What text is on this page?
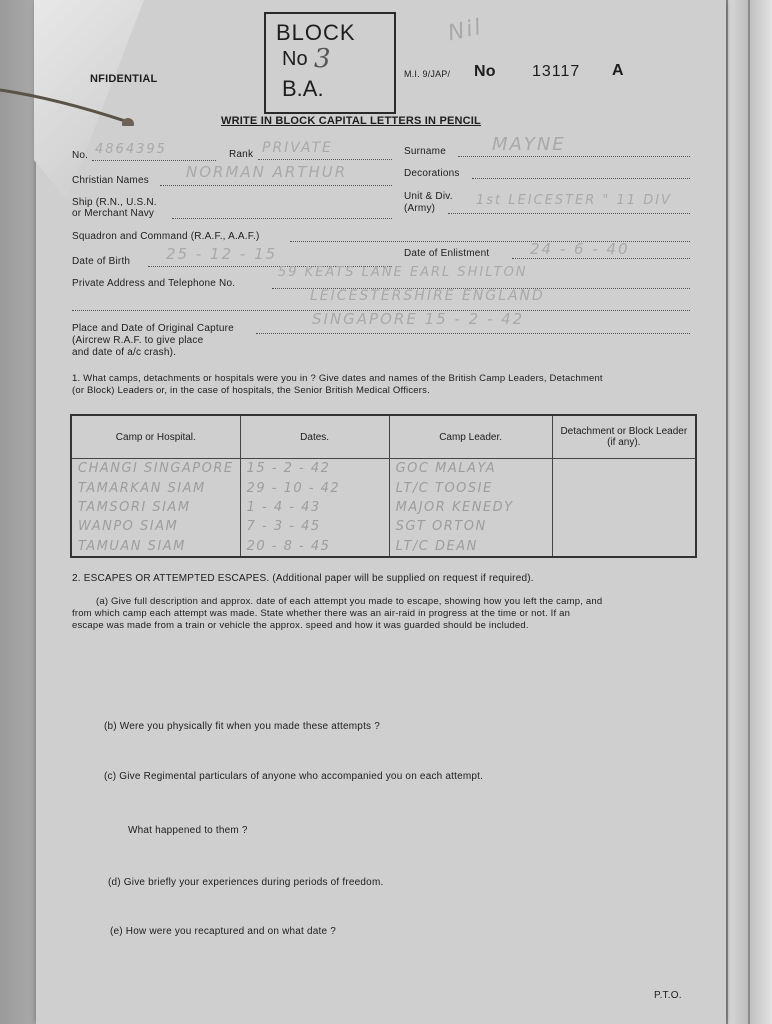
NFIDENTIAL
BLOCK
No 3
B.A.
Nil
M.I. 9/JAP/ No 13117 A
WRITE IN BLOCK CAPITAL LETTERS IN PENCIL
No. 4864395	Rank PRIVATE	Surname	MAYNE
Christian Names NORMAN ARTHUR	Decorations
Ship (R.N., U.S.N.
or Merchant Navy
Unit & Div.
(Army)
1st LEICESTER " 11 DIV
Squadron and Command (R.A.F., A.A.F.)
Date of Birth 25 - 12 - 15	Date of Enlistment	24 - 6 - 40
Private Address and Telephone No.
59 KEATS LANE EARL SHILTON
LEICESTERSHIRE ENGLAND
Place and Date of Original Capture
(Aircrew R.A.F. to give place
and date of a/c crash).
SINGAPORE 15 - 2 - 42
1. What camps, detachments or hospitals were you in ? Give dates and names of the British Camp Leaders, Detachment
(or Block) Leaders or, in the case of hospitals, the Senior British Medical Officers.
Camp or Hospital.	Dates.	Camp Leader.	Detachment or Block Leader (if any).
CHANGI SINGAPORE	15 - 2 - 42	GOC MALAYA	
TAMARKAN SIAM	29 - 10 - 42	LT/C TOOSIE	
TAMSORI SIAM	1 - 4 - 43	MAJOR KENEDY	
WANPO SIAM	7 - 3 - 45	SGT ORTON	
TAMUAN SIAM	20 - 8 - 45	LT/C DEAN	
2. ESCAPES OR ATTEMPTED ESCAPES. (Additional paper will be supplied on request if required).
(a) Give full description and approx. date of each attempt you made to escape, showing how you left the camp, and
from which camp each attempt was made. State whether there was an air-raid in progress at the time or not. If an
escape was made from a train or vehicle the approx. speed and how it was guarded should be included.
(b) Were you physically fit when you made these attempts ?
(c) Give Regimental particulars of anyone who accompanied you on each attempt.
What happened to them ?
(d) Give briefly your experiences during periods of freedom.
(e) How were you recaptured and on what date ?
P.T.O.
